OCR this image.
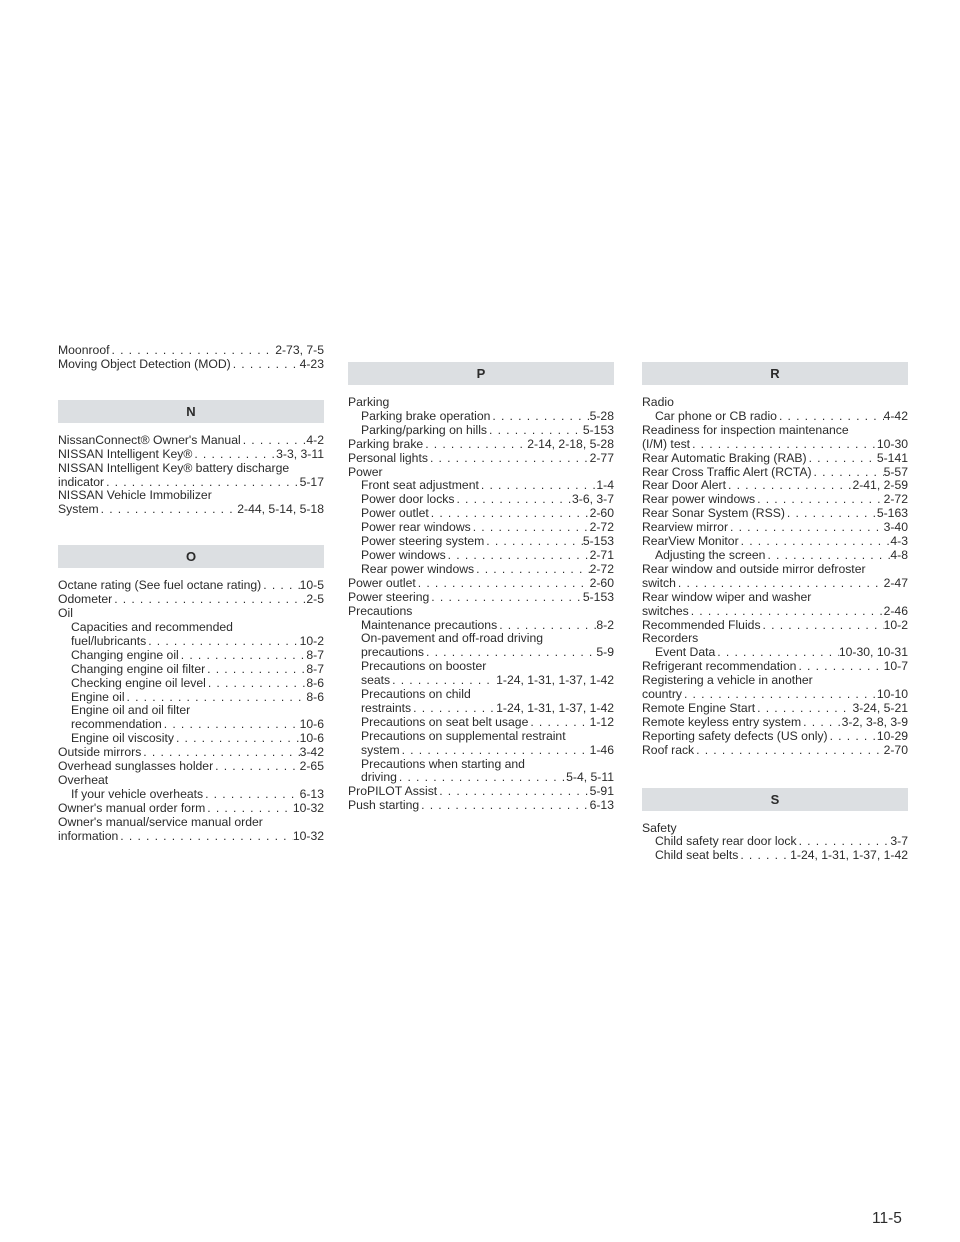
Moonroof . . .	2-73, 7-5
Moving Object Detection (MOD) . . .	4-23
N
NissanConnect® Owner's Manual . . .	4-2
NISSAN Intelligent Key® . . .	3-3, 3-11
NISSAN Intelligent Key® battery discharge
indicator . . .	5-17
NISSAN Vehicle Immobilizer
System . . .	2-44, 5-14, 5-18
O
Octane rating (See fuel octane rating) . . .	10-5
Odometer . . .	2-5
Oil
Capacities and recommended
fuel/lubricants . . .	10-2
Changing engine oil . . .	8-7
Changing engine oil filter . . .	8-7
Checking engine oil level . . .	8-6
Engine oil . . .	8-6
Engine oil and oil filter
recommendation . . .	10-6
Engine oil viscosity . . .	10-6
Outside mirrors . . .	3-42
Overhead sunglasses holder . . .	2-65
Overheat
If your vehicle overheats . . .	6-13
Owner's manual order form . . .	10-32
Owner's manual/service manual order
information . . .	10-32
P
Parking
Parking brake operation . . .	5-28
Parking/parking on hills . . .	5-153
Parking brake . . .	2-14, 2-18, 5-28
Personal lights . . .	2-77
Power
Front seat adjustment . . .	1-4
Power door locks . . .	3-6, 3-7
Power outlet . . .	2-60
Power rear windows . . .	2-72
Power steering system . . .	5-153
Power windows . . .	2-71
Rear power windows . . .	2-72
Power outlet . . .	2-60
Power steering . . .	5-153
Precautions
Maintenance precautions . . .	8-2
On-pavement and off-road driving
precautions . . .	5-9
Precautions on booster
seats . . .	1-24, 1-31, 1-37, 1-42
Precautions on child
restraints . . .	1-24, 1-31, 1-37, 1-42
Precautions on seat belt usage . . .	1-12
Precautions on supplemental restraint
system . . .	1-46
Precautions when starting and
driving . . .	5-4, 5-11
ProPILOT Assist . . .	5-91
Push starting . . .	6-13
R
Radio
Car phone or CB radio . . .	4-42
Readiness for inspection maintenance
(I/M) test . . .	10-30
Rear Automatic Braking (RAB) . . .	5-141
Rear Cross Traffic Alert (RCTA) . . .	5-57
Rear Door Alert . . .	2-41, 2-59
Rear power windows . . .	2-72
Rear Sonar System (RSS) . . .	5-163
Rearview mirror . . .	3-40
RearView Monitor . . .	4-3
Adjusting the screen . . .	4-8
Rear window and outside mirror defroster
switch . . .	2-47
Rear window wiper and washer
switches . . .	2-46
Recommended Fluids . . .	10-2
Recorders
Event Data . . .	10-30, 10-31
Refrigerant recommendation . . .	10-7
Registering a vehicle in another
country . . .	10-10
Remote Engine Start . . .	3-24, 5-21
Remote keyless entry system . . .	3-2, 3-8, 3-9
Reporting safety defects (US only) . . .	10-29
Roof rack . . .	2-70
S
Safety
Child safety rear door lock . . .	3-7
Child seat belts . . .	1-24, 1-31, 1-37, 1-42
11-5
